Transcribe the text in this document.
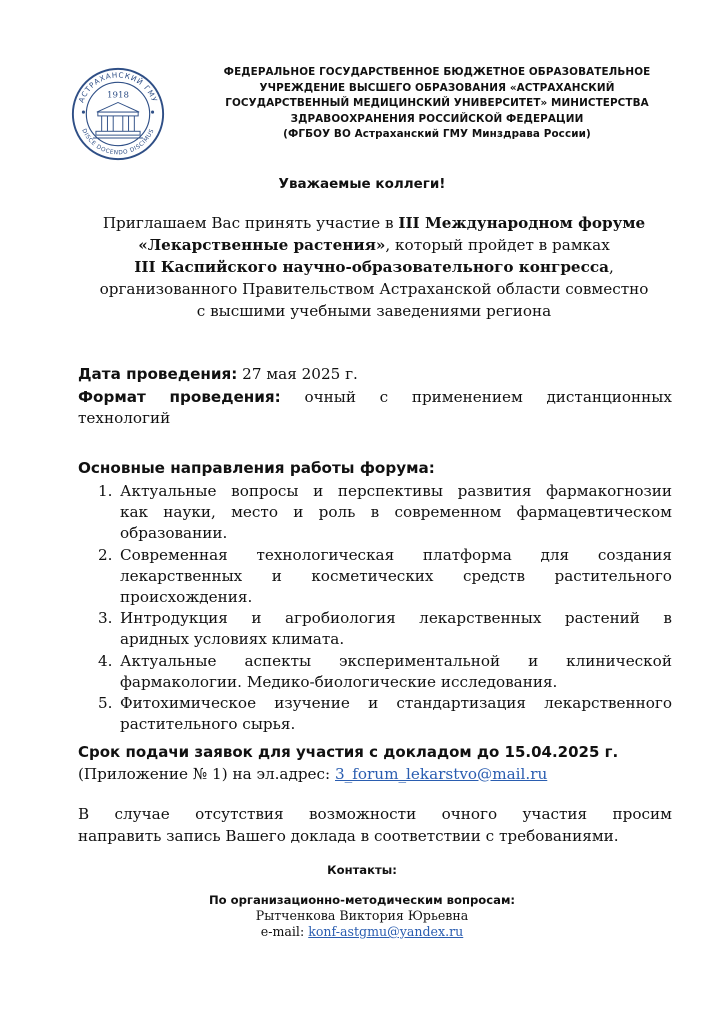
АСТРАХАНСКИЙ ГМУ
DISCE DOCENDO DISCIMUS
1918
ФЕДЕРАЛЬНОЕ ГОСУДАРСТВЕННОЕ БЮДЖЕТНОЕ ОБРАЗОВАТЕЛЬНОЕ
УЧРЕЖДЕНИЕ ВЫСШЕГО ОБРАЗОВАНИЯ «АСТРАХАНСКИЙ
ГОСУДАРСТВЕННЫЙ МЕДИЦИНСКИЙ УНИВЕРСИТЕТ» МИНИСТЕРСТВА
ЗДРАВООХРАНЕНИЯ РОССИЙСКОЙ ФЕДЕРАЦИИ
(ФГБОУ ВО Астраханский ГМУ Минздрава России)
Уважаемые коллеги!
Приглашаем Вас принять участие в III Международном форуме
«Лекарственные растения», который пройдет в рамках
III Каспийского научно-образовательного конгресса,
организованного Правительством Астраханской области совместно
с высшими учебными заведениями региона
Дата проведения: 27 мая 2025 г.
Формат проведения: очный с применением дистанционных
технологий
Основные направления работы форума:
1. Актуальные вопросы и перспективы развития фармакогнозии
как науки, место и роль в современном фармацевтическом
образовании.
2. Современная технологическая платформа для создания
лекарственных и косметических средств растительного
происхождения.
3. Интродукция и агробиология лекарственных растений в
аридных условиях климата.
4. Актуальные аспекты экспериментальной и клинической
фармакологии. Медико-биологические исследования.
5. Фитохимическое изучение и стандартизация лекарственного
растительного сырья.
Срок подачи заявок для участия с докладом до 15.04.2025 г.
(Приложение № 1) на эл.адрес: 3_forum_lekarstvo@mail.ru
В случае отсутствия возможности очного участия просим
направить запись Вашего доклада в соответствии с требованиями.
Контакты:
По организационно-методическим вопросам:
Рытченкова Виктория Юрьевна
e-mail: konf-astgmu@yandex.ru
